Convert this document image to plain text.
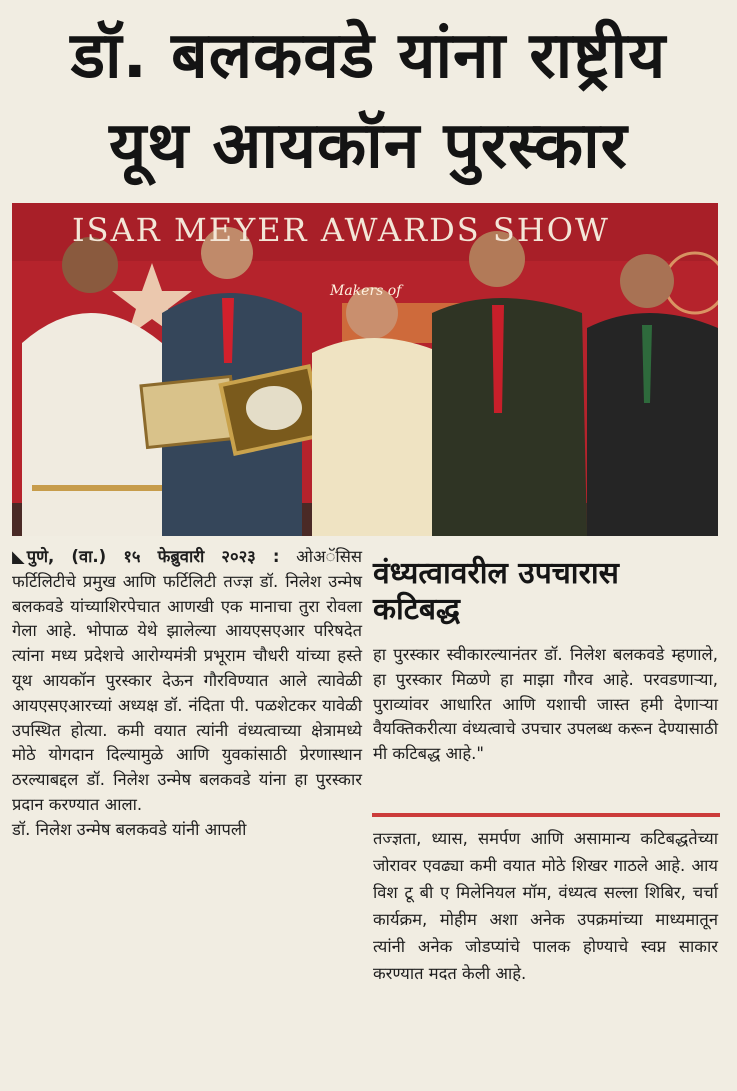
डॉ. बलकवडे यांना राष्ट्रीय
यूथ आयकॉन पुरस्कार
ISAR MEYER AWARDS SHOW
Makers of
◣ पुणे, (वा.) १५ फेब्रुवारी २०२३ : ओअॅसिस फर्टिलिटीचे प्रमुख आणि फर्टिलिटी तज्ज्ञ डॉ. निलेश उन्मेष बलकवडे यांच्याशिरपेचात आणखी एक मानाचा तुरा रोवला गेला आहे. भोपाळ येथे झालेल्या आयएसएआर परिषदेत त्यांना मध्य प्रदेशचे आरोग्यमंत्री प्रभूराम चौधरी यांच्या हस्ते यूथ आयकॉन पुरस्कार देऊन गौरविण्यात आले त्यावेळी आयएसएआरच्यां अध्यक्ष डॉ. नंदिता पी. पळशेटकर यावेळी उपस्थित होत्या. कमी वयात त्यांनी वंध्यत्वाच्या क्षेत्रामध्ये मोठे योगदान दिल्यामुळे आणि युवकांसाठी प्रेरणास्थान ठरल्याबद्दल डॉ. निलेश उन्मेष बलकवडे यांना हा पुरस्कार प्रदान करण्यात आला.
डॉ. निलेश उन्मेष बलकवडे यांनी आपली
वंध्यत्वावरील उपचारास कटिबद्ध
हा पुरस्कार स्वीकारल्यानंतर डॉ. निलेश बलकवडे म्हणाले, हा पुरस्कार मिळणे हा माझा गौरव आहे. परवडणाऱ्या, पुराव्यांवर आधारित आणि यशाची जास्त हमी देणाऱ्या वैयक्तिकरीत्या वंध्यत्वाचे उपचार उपलब्ध करून देण्यासाठी मी कटिबद्ध आहे."
तज्ज्ञता, ध्यास, समर्पण आणि असामान्य कटिबद्धतेच्या जोरावर एवढ्या कमी वयात मोठे शिखर गाठले आहे. आय विश टू बी ए मिलेनियल मॉम, वंध्यत्व सल्ला शिबिर, चर्चा कार्यक्रम, मोहीम अशा अनेक उपक्रमांच्या माध्यमातून त्यांनी अनेक जोडप्यांचे पालक होण्याचे स्वप्न साकार करण्यात मदत केली आहे.
